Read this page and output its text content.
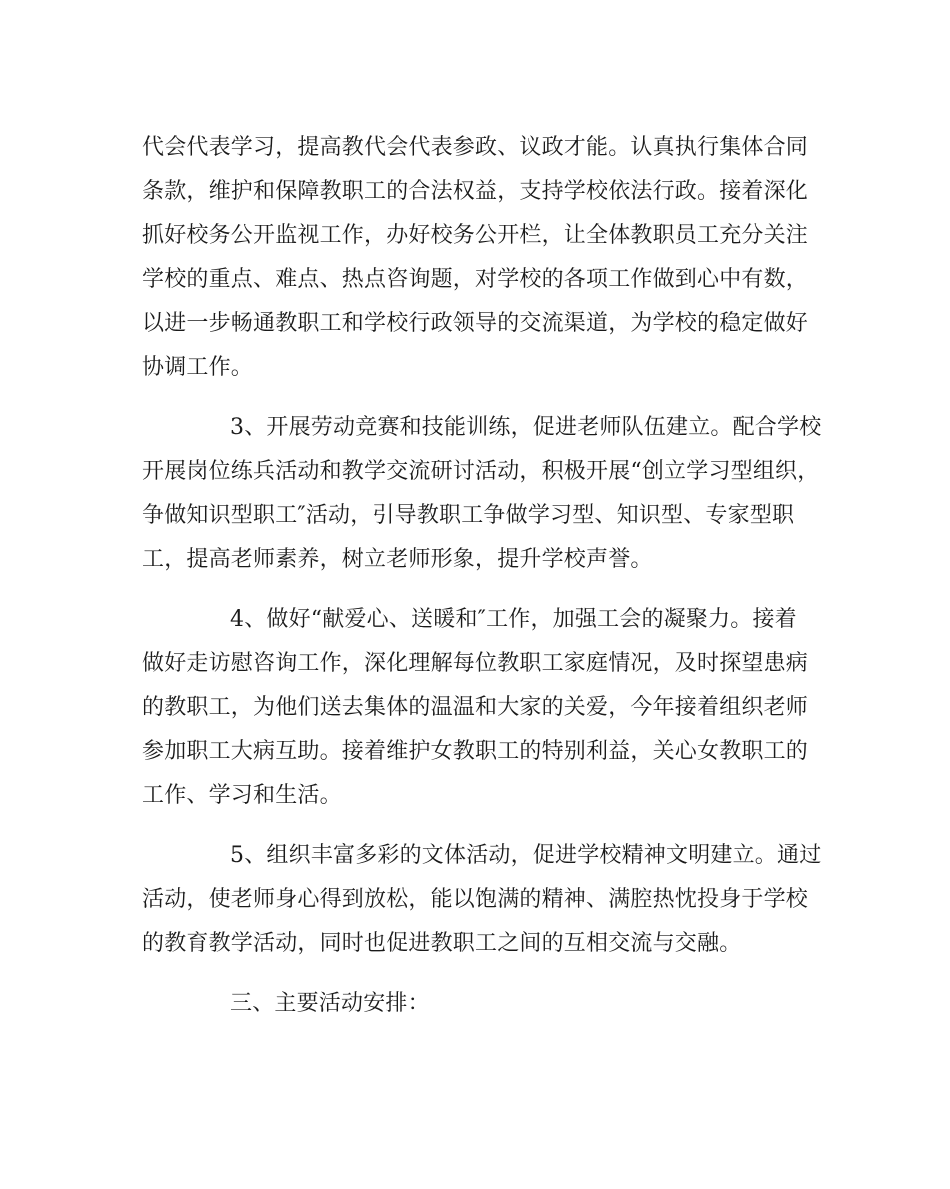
代会代表学习，提高教代会代表参政、议政才能。认真执行集体合同
条款，维护和保障教职工的合法权益，支持学校依法行政。接着深化
抓好校务公开监视工作，办好校务公开栏，让全体教职员工充分关注
学校的重点、难点、热点咨询题，对学校的各项工作做到心中有数，
以进一步畅通教职工和学校行政领导的交流渠道，为学校的稳定做好
协调工作。
3、开展劳动竞赛和技能训练，促进老师队伍建立。配合学校
开展岗位练兵活动和教学交流研讨活动，积极开展“创立学习型组织，
争做知识型职工″活动，引导教职工争做学习型、知识型、专家型职
工，提高老师素养，树立老师形象，提升学校声誉。
4、做好“献爱心、送暖和″工作，加强工会的凝聚力。接着
做好走访慰咨询工作，深化理解每位教职工家庭情况，及时探望患病
的教职工，为他们送去集体的温温和大家的关爱，今年接着组织老师
参加职工大病互助。接着维护女教职工的特别利益，关心女教职工的
工作、学习和生活。
5、组织丰富多彩的文体活动，促进学校精神文明建立。通过
活动，使老师身心得到放松，能以饱满的精神、满腔热忱投身于学校
的教育教学活动，同时也促进教职工之间的互相交流与交融。
三、主要活动安排：
